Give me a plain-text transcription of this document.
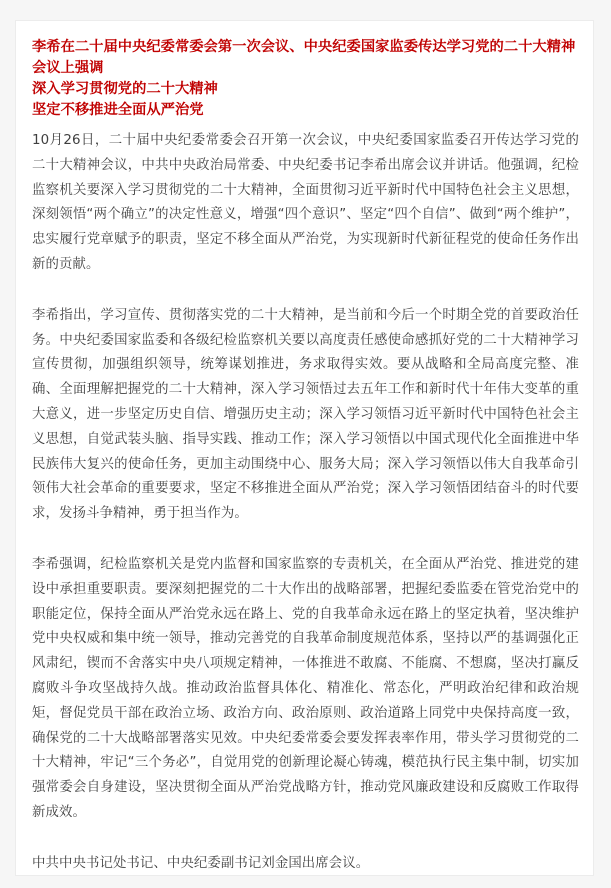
李希在二十届中央纪委常委会第一次会议、中央纪委国家监委传达学习党的二十大精神会议上强调
深入学习贯彻党的二十大精神
坚定不移推进全面从严治党

10月26日，二十届中央纪委常委会召开第一次会议，中央纪委国家监委召开传达学习党的二十大精神会议，中共中央政治局常委、中央纪委书记李希出席会议并讲话。他强调，纪检监察机关要深入学习贯彻党的二十大精神，全面贯彻习近平新时代中国特色社会主义思想，深刻领悟“两个确立”的决定性意义，增强“四个意识”、坚定“四个自信”、做到“两个维护”，忠实履行党章赋予的职责，坚定不移全面从严治党，为实现新时代新征程党的使命任务作出新的贡献。

李希指出，学习宣传、贯彻落实党的二十大精神，是当前和今后一个时期全党的首要政治任务。中央纪委国家监委和各级纪检监察机关要以高度责任感使命感抓好党的二十大精神学习宣传贯彻，加强组织领导，统筹谋划推进，务求取得实效。要从战略和全局高度完整、准确、全面理解把握党的二十大精神，深入学习领悟过去五年工作和新时代十年伟大变革的重大意义，进一步坚定历史自信、增强历史主动；深入学习领悟习近平新时代中国特色社会主义思想，自觉武装头脑、指导实践、推动工作；深入学习领悟以中国式现代化全面推进中华民族伟大复兴的使命任务，更加主动围绕中心、服务大局；深入学习领悟以伟大自我革命引领伟大社会革命的重要要求，坚定不移推进全面从严治党；深入学习领悟团结奋斗的时代要求，发扬斗争精神，勇于担当作为。

李希强调，纪检监察机关是党内监督和国家监察的专责机关，在全面从严治党、推进党的建设中承担重要职责。要深刻把握党的二十大作出的战略部署，把握纪委监委在管党治党中的职能定位，保持全面从严治党永远在路上、党的自我革命永远在路上的坚定执着，坚决维护党中央权威和集中统一领导，推动完善党的自我革命制度规范体系，坚持以严的基调强化正风肃纪，锲而不舍落实中央八项规定精神，一体推进不敢腐、不能腐、不想腐，坚决打赢反腐败斗争攻坚战持久战。推动政治监督具体化、精准化、常态化，严明政治纪律和政治规矩，督促党员干部在政治立场、政治方向、政治原则、政治道路上同党中央保持高度一致，确保党的二十大战略部署落实见效。中央纪委常委会要发挥表率作用，带头学习贯彻党的二十大精神，牢记“三个务必”，自觉用党的创新理论凝心铸魂，模范执行民主集中制，切实加强常委会自身建设，坚决贯彻全面从严治党战略方针，推动党风廉政建设和反腐败工作取得新成效。

中共中央书记处书记、中央纪委副书记刘金国出席会议。
